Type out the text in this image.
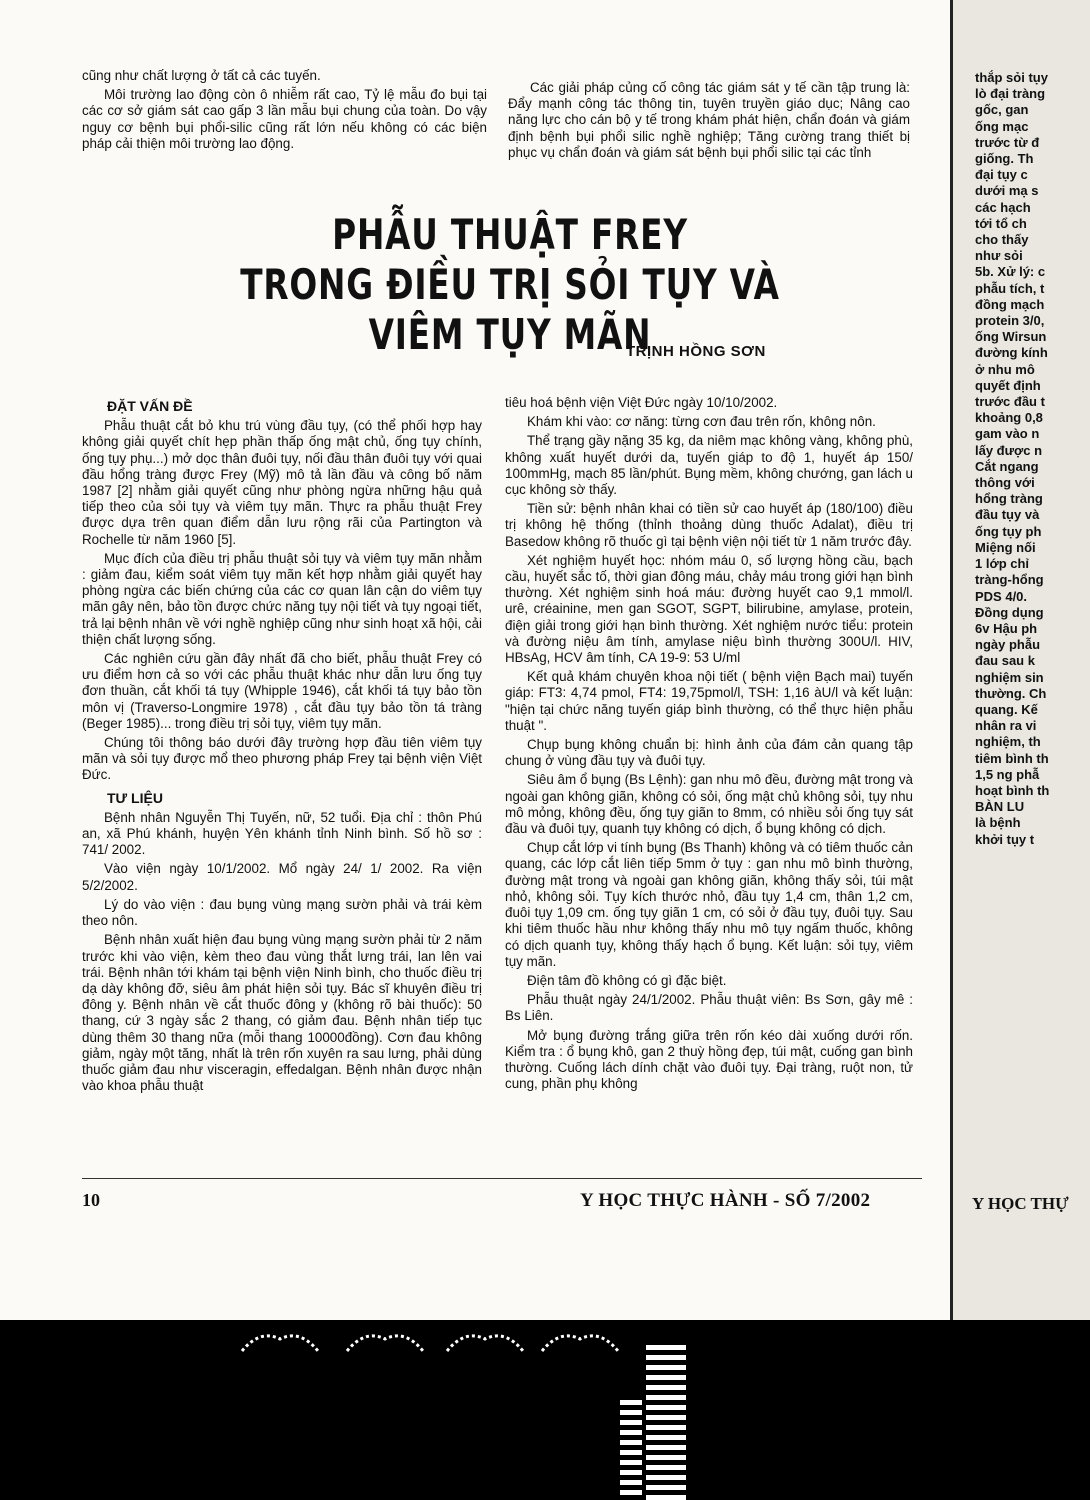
cũng như chất lượng ở tất cả các tuyến.

Môi trường lao động còn ô nhiễm rất cao, Tỷ lệ mẫu đo bụi tại các cơ sở giám sát cao gấp 3 lần mẫu bụi chung của toàn. Do vậy nguy cơ bệnh bụi phổi-silic cũng rất lớn nếu không có các biện pháp cải thiện môi trường lao động.

Các giải pháp củng cố công tác giám sát y tế cần tập trung là: Đẩy mạnh công tác thông tin, tuyên truyền giáo dục; Nâng cao năng lực cho cán bộ y tế trong khám phát hiện, chẩn đoán và giám định bệnh bụi phổi silic nghề nghiệp; Tăng cường trang thiết bị phục vụ chẩn đoán và giám sát bệnh bụi phổi silic tại các tỉnh

PHẪU THUẬT FREY
TRONG ĐIỀU TRỊ SỎI TỤY VÀ VIÊM TỤY MÃN
TRỊNH HỒNG SƠN
ĐẶT VẤN ĐỀ

Phẫu thuật cắt bỏ khu trú vùng đầu tụy, (có thể phối hợp hay không giải quyết chít hẹp phần thấp ống mật chủ, ống tụy chính, ống tụy phụ...) mở dọc thân đuôi tụy, nối đầu thân đuôi tụy với quai đầu hổng tràng được Frey (Mỹ) mô tả lần đầu và công bố năm 1987 [2] nhằm giải quyết cũng như phòng ngừa những hậu quả tiếp theo của sỏi tụy và viêm tụy mãn. Thực ra phẫu thuật Frey được dựa trên quan điểm dẫn lưu rộng rãi của Partington và Rochelle từ năm 1960 [5].

Mục đích của điều trị phẫu thuật sỏi tụy và viêm tụy mãn nhằm : giảm đau, kiểm soát viêm tụy mãn kết hợp nhằm giải quyết hay phòng ngừa các biến chứng của các cơ quan lân cận do viêm tụy mãn gây nên, bảo tồn được chức năng tụy nội tiết và tụy ngoại tiết, trả lại bệnh nhân về với nghề nghiệp cũng như sinh hoạt xã hội, cải thiện chất lượng sống.

Các nghiên cứu gần đây nhất đã cho biết, phẫu thuật Frey có ưu điểm hơn cả so với các phẫu thuật khác như dẫn lưu ống tụy đơn thuần, cắt khối tá tụy (Whipple 1946), cắt khối tá tụy bảo tồn môn vị (Traverso-Longmire 1978) , cắt đầu tụy bảo tồn tá tràng (Beger 1985)... trong điều trị sỏi tụy, viêm tụy mãn.

Chúng tôi thông báo dưới đây trường hợp đầu tiên viêm tụy mãn và sỏi tụy được mổ theo phương pháp Frey tại bệnh viện Việt Đức.

TƯ LIỆU

Bệnh nhân Nguyễn Thị Tuyến, nữ, 52 tuổi. Địa chỉ : thôn Phú an, xã Phú khánh, huyện Yên khánh tỉnh Ninh bình. Số hồ sơ : 741/ 2002.

Vào viện ngày 10/1/2002. Mổ ngày 24/ 1/ 2002. Ra viện 5/2/2002.

Lý do vào viện : đau bụng vùng mạng sườn phải và trái kèm theo nôn.

Bệnh nhân xuất hiện đau bụng vùng mạng sườn phải từ 2 năm trước khi vào viện, kèm theo đau vùng thắt lưng trái, lan lên vai trái. Bệnh nhân tới khám tại bệnh viện Ninh bình, cho thuốc điều trị dạ dày không đỡ, siêu âm phát hiện sỏi tụy. Bác sĩ khuyên điều trị đông y. Bệnh nhân về cắt thuốc đông y (không rõ bài thuốc): 50 thang, cứ 3 ngày sắc 2 thang, có giảm đau. Bệnh nhân tiếp tục dùng thêm 30 thang nữa (mỗi thang 10000đồng). Cơn đau không giảm, ngày một tăng, nhất là trên rốn xuyên ra sau lưng, phải dùng thuốc giảm đau như visceragin, effedalgan. Bệnh nhân được nhận vào khoa phẫu thuật

tiêu hoá bệnh viện Việt Đức ngày 10/10/2002.

Khám khi vào: cơ năng: từng cơn đau trên rốn, không nôn.

Thể trạng gầy nặng 35 kg, da niêm mạc không vàng, không phù, không xuất huyết dưới da, tuyến giáp to độ 1, huyết áp 150/ 100mmHg, mạch 85 lần/phút. Bụng mềm, không chướng, gan lách u cục không sờ thấy.

Tiền sử: bệnh nhân khai có tiền sử cao huyết áp (180/100) điều trị không hệ thống (thỉnh thoảng dùng thuốc Adalat), điều trị Basedow không rõ thuốc gì tại bệnh viện nội tiết từ 1 năm trước đây.

Xét nghiệm huyết học: nhóm máu 0, số lượng hồng cầu, bạch cầu, huyết sắc tố, thời gian đông máu, chảy máu trong giới hạn bình thường. Xét nghiệm sinh hoá máu: đường huyết cao 9,1 mmol/l. urê, créainine, men gan SGOT, SGPT, bilirubine, amylase, protein, điện giải trong giới hạn bình thường. Xét nghiệm nước tiểu: protein và đường niệu âm tính, amylase niệu bình thường 300U/l. HIV, HBsAg, HCV âm tính, CA 19-9: 53 U/ml

Kết quả khám chuyên khoa nội tiết ( bệnh viện Bạch mai) tuyến giáp: FT3: 4,74 pmol, FT4: 19,75pmol/l, TSH: 1,16 àU/l và kết luận: "hiện tại chức năng tuyến giáp bình thường, có thể thực hiện phẫu thuật ".

Chụp bụng không chuẩn bị: hình ảnh của đám cản quang tập chung ở vùng đầu tụy và đuôi tụy.

Siêu âm ổ bụng (Bs Lệnh): gan nhu mô đều, đường mật trong và ngoài gan không giãn, không có sỏi, ống mật chủ không sỏi, tụy nhu mô mỏng, không đều, ống tụy giãn to 8mm, có nhiều sỏi ống tụy sát đầu và đuôi tụy, quanh tụy không có dịch, ổ bụng không có dịch.

Chụp cắt lớp vi tính bụng (Bs Thanh) không và có tiêm thuốc cản quang, các lớp cắt liên tiếp 5mm ở tụy : gan nhu mô bình thường, đường mật trong và ngoài gan không giãn, không thấy sỏi, túi mật nhỏ, không sỏi. Tụy kích thước nhỏ, đầu tụy 1,4 cm, thân 1,2 cm, đuôi tụy 1,09 cm. ống tụy giãn 1 cm, có sỏi ở đầu tụy, đuôi tụy. Sau khi tiêm thuốc hầu như không thấy nhu mô tụy ngấm thuốc, không có dịch quanh tụy, không thấy hạch ổ bụng. Kết luận: sỏi tụy, viêm tụy mãn.

Điện tâm đồ không có gì đặc biệt.

Phẫu thuật ngày 24/1/2002. Phẫu thuật viên: Bs Sơn, gây mê : Bs Liên.

Mở bụng đường trắng giữa trên rốn kéo dài xuống dưới rốn. Kiểm tra : ổ bụng khô, gan 2 thuỳ hồng đẹp, túi mật, cuống gan bình thường. Cuống lách dính chặt vào đuôi tụy. Đại tràng, ruột non, tử cung, phần phụ không

10	Y HỌC THỰC HÀNH - SỐ 7/2002
thắp sỏi tụy
lò đại tràng
gốc, gan
ống mạc
trước từ đ
giống. Th
đại tụy c
dưới mạ s
các hạch
tới tổ ch
cho thấy
như sỏi
5b. Xử lý: c
phẫu tích, t
đồng mạch
protein 3/0,
ống Wirsun
đường kính
ở nhu mô
quyết định
trước đầu t
khoảng 0,8
gam vào n
lấy được n
Cắt ngang
thông với
hổng tràng
đầu tụy và
ống tụy ph
Miệng nối
1 lớp chỉ
tràng-hổng
PDS 4/0.
Đồng dụng
6v Hậu ph
ngày phẫu
đau sau k
nghiệm sin
thường. Ch
quang. Kế
nhân ra vi
nghiệm, th
tiêm bình th
1,5 ng phẫ
hoạt bình th
BÀN LU
là bệnh
khởi tụy t
Y HỌC THỰ
